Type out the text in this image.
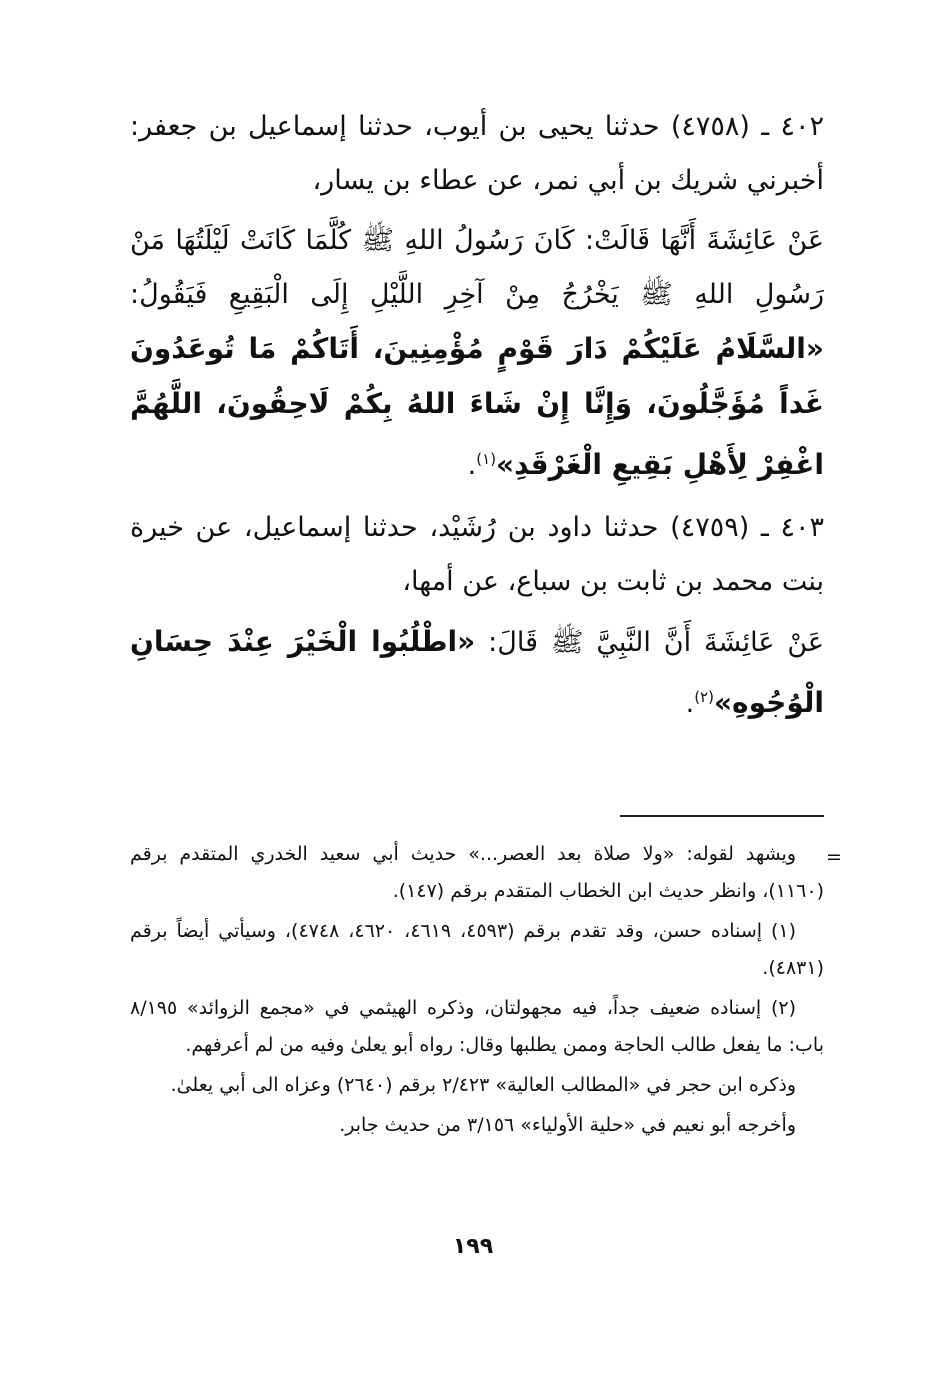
٤٠٢ ـ (٤٧٥٨) حدثنا يحيى بن أيوب، حدثنا إسماعيل بن جعفر: أخبرني شريك بن أبي نمر، عن عطاء بن يسار،

عَنْ عَائِشَةَ أَنَّهَا قَالَتْ: كَانَ رَسُولُ اللهِ ﷺ كُلَّمَا كَانَتْ لَيْلَتُهَا مَنْ رَسُولِ اللهِ ﷺ يَخْرُجُ مِنْ آخِرِ اللَّيْلِ إِلَى الْبَقِيعِ فَيَقُولُ: «السَّلَامُ عَلَيْكُمْ دَارَ قَوْمٍ مُؤْمِنِينَ، أَتَاكُمْ مَا تُوعَدُونَ غَداً مُؤَجَّلُونَ، وَإِنَّا إِنْ شَاءَ اللهُ بِكُمْ لَاحِقُونَ، اللَّهُمَّ اغْفِرْ لِأَهْلِ بَقِيعِ الْغَرْقَدِ»$^{(١)}$.

٤٠٣ ـ (٤٧٥٩) حدثنا داود بن رُشَيْد، حدثنا إسماعيل، عن خيرة بنت محمد بن ثابت بن سباع، عن أمها،

عَنْ عَائِشَةَ أَنَّ النَّبِيَّ ﷺ قَالَ: «اطْلُبُوا الْخَيْرَ عِنْدَ حِسَانِ الْوُجُوهِ»$^{(٢)}$.

=

ويشهد لقوله: «ولا صلاة بعد العصر...» حديث أبي سعيد الخدري المتقدم برقم (١١٦٠)، وانظر حديث ابن الخطاب المتقدم برقم (١٤٧).

(١) إسناده حسن، وقد تقدم برقم (٤٥٩٣، ٤٦١٩، ٤٦٢٠، ٤٧٤٨)، وسيأتي أيضاً برقم (٤٨٣١).

(٢) إسناده ضعيف جداً، فيه مجهولتان، وذكره الهيثمي في «مجمع الزوائد» ٨/١٩٥ باب: ما يفعل طالب الحاجة وممن يطلبها وقال: رواه أبو يعلىٰ وفيه من لم أعرفهم.

وذكره ابن حجر في «المطالب العالية» ٢/٤٢٣ برقم (٢٦٤٠) وعزاه الى أبي يعلىٰ.

وأخرجه أبو نعيم في «حلية الأولياء» ٣/١٥٦ من حديث جابر.

١٩٩
